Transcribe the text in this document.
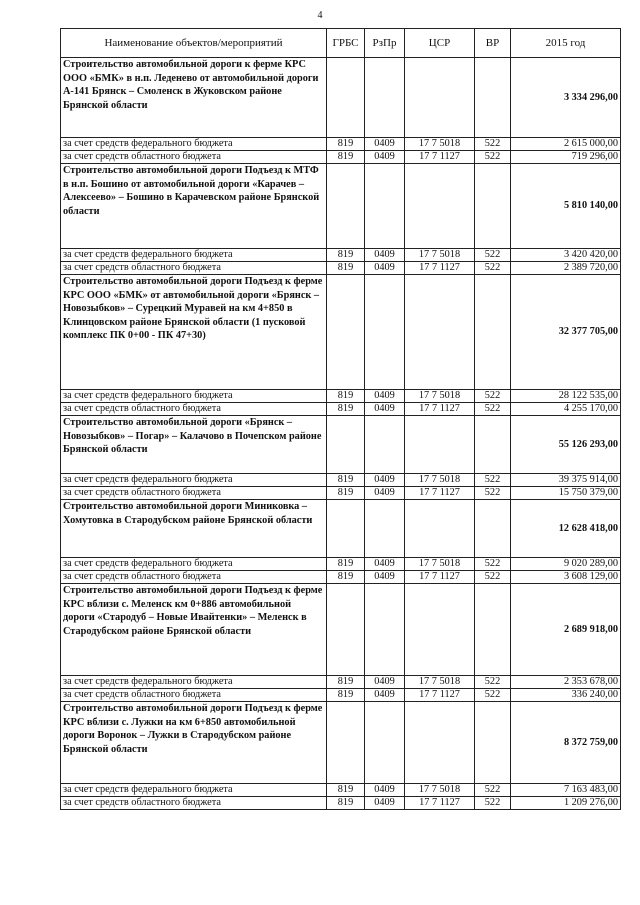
4
Наименование объектов/мероприятий	ГРБС	РзПр	ЦСР	ВР	2015 год
Строительство автомобильной дороги к ферме КРС ООО «БМК» в н.п. Леденево от автомобильной дороги А-141 Брянск – Смоленск в Жуковском районе Брянской области					3 334 296,00
за счет средств федерального бюджета	819	0409	17 7 5018	522	2 615 000,00
за счет средств областного бюджета	819	0409	17 7 1127	522	719 296,00
Строительство автомобильной дороги Подъезд к МТФ в н.п. Бошино от автомобильной дороги «Карачев – Алексеево» – Бошино в Карачевском районе Брянской области					5 810 140,00
за счет средств федерального бюджета	819	0409	17 7 5018	522	3 420 420,00
за счет средств областного бюджета	819	0409	17 7 1127	522	2 389 720,00
Строительство автомобильной дороги Подъезд к ферме КРС ООО «БМК» от автомобильной дороги «Брянск – Новозыбков» – Сурецкий Муравей на км 4+850 в Клинцовском районе Брянской области (1 пусковой комплекс ПК 0+00 - ПК 47+30)					32 377 705,00
за счет средств федерального бюджета	819	0409	17 7 5018	522	28 122 535,00
за счет средств областного бюджета	819	0409	17 7 1127	522	4 255 170,00
Строительство автомобильной дороги «Брянск – Новозыбков» – Погар» – Калачово в Почепском районе Брянской области					55 126 293,00
за счет средств федерального бюджета	819	0409	17 7 5018	522	39 375 914,00
за счет средств областного бюджета	819	0409	17 7 1127	522	15 750 379,00
Строительство автомобильной дороги Миниковка – Хомутовка в Стародубском районе Брянской области					12 628 418,00
за счет средств федерального бюджета	819	0409	17 7 5018	522	9 020 289,00
за счет средств областного бюджета	819	0409	17 7 1127	522	3 608 129,00
Строительство автомобильной дороги Подъезд к ферме КРС вблизи с. Меленск км 0+886 автомобильной дороги «Стародуб – Новые Ивайтенки» – Меленск в Стародубском районе Брянской области					2 689 918,00
за счет средств федерального бюджета	819	0409	17 7 5018	522	2 353 678,00
за счет средств областного бюджета	819	0409	17 7 1127	522	336 240,00
Строительство автомобильной дороги Подъезд к ферме КРС вблизи с. Лужки на км 6+850 автомобильной дороги Воронок – Лужки в Стародубском районе Брянской области					8 372 759,00
за счет средств федерального бюджета	819	0409	17 7 5018	522	7 163 483,00
за счет средств областного бюджета	819	0409	17 7 1127	522	1 209 276,00
